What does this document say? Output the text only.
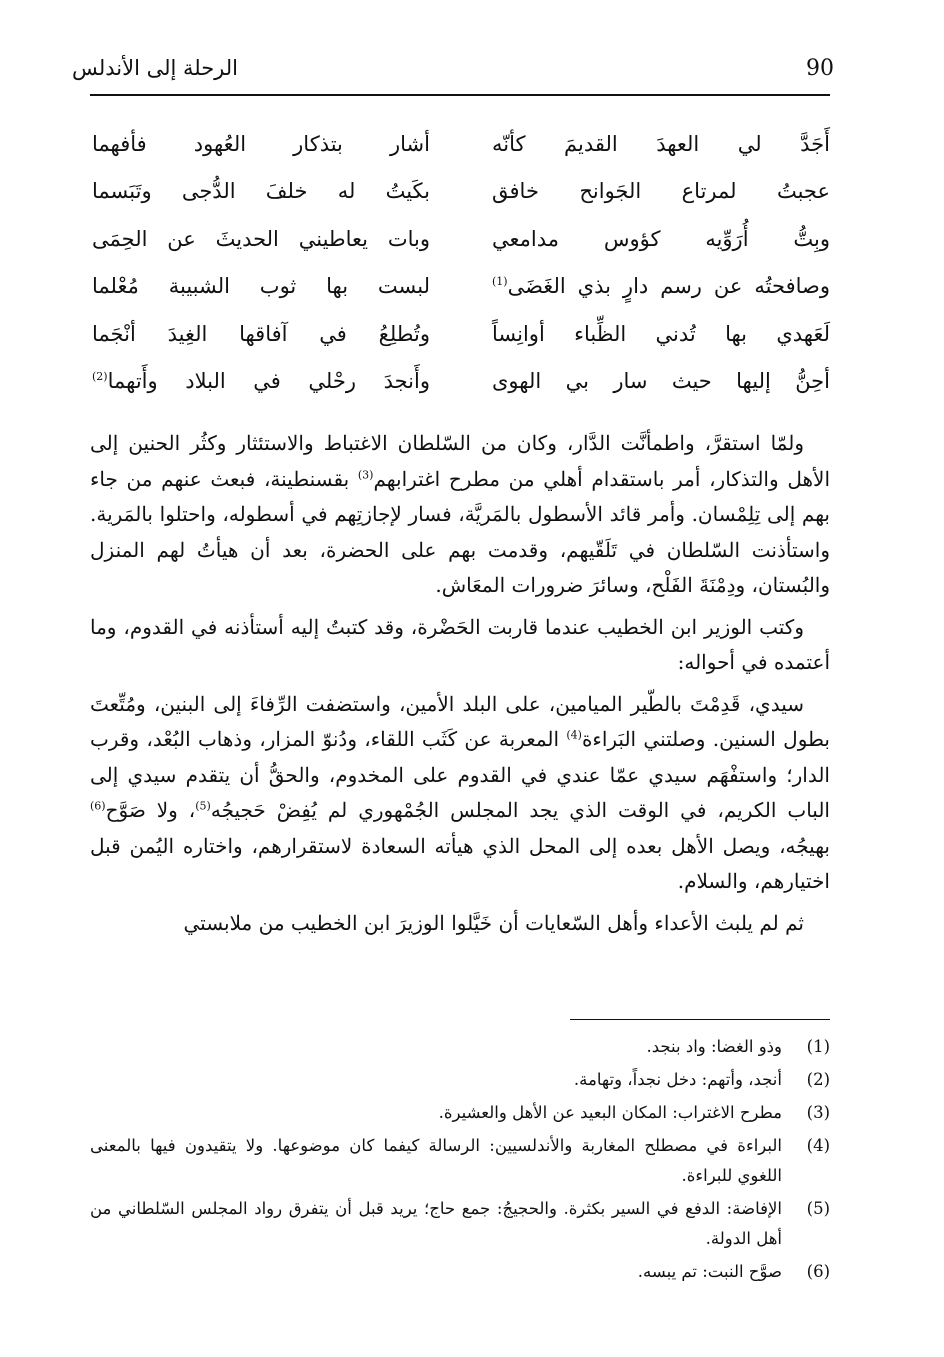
90
الرحلة إلى الأندلس
أَجَدَّ لي العهدَ القديمَ كأنّه
أشار بتذكار العُهود فأفهما
عجبتُ لمرتاع الجَوانح خافق
بكَيتُ له خلفَ الدُّجى وتَبَسما
وبِتُّ أُرَوِّيه كؤوس مدامعي
وبات يعاطيني الحديثَ عن الحِمَى
وصافحتُه عن رسم دارٍ بذي الغَضَى$^{(1)}$
لبست بها ثوب الشبيبة مُعْلما
لَعَهدي بها تُدني الظِّباء أوانِساً
وتُطلِعُ في آفاقها الغِيدَ أنْجَما
أحِنُّ إليها حيث سار بي الهوى
وأَنجدَ رحْلي في البلاد وأَتهما$^{(2)}$

ولمّا استقرَّ، واطمأنَّت الدَّار، وكان من السّلطان الاغتباط والاستئثار وكثُر الحنين إلى الأهل والتذكار، أمر باستقدام أهلي من مطرح اغترابهم$^{(3)}$ بقسنطينة، فبعث عنهم من جاء بهم إلى تِلِمْسان. وأمر قائد الأسطول بالمَريَّة، فسار لإجازتِهم في أسطوله، واحتلوا بالمَرية. واستأذنت السّلطان في تَلَقّيهم، وقدمت بهم على الحضرة، بعد أن هيأتُ لهم المنزل والبُستان، ودِمْنَةَ الفَلْح، وسائرَ ضرورات المعَاش.

وكتب الوزير ابن الخطيب عندما قاربت الحَضْرة، وقد كتبتُ إليه أستأذنه في القدوم، وما أعتمده في أحواله:

سيدي، قَدِمْتَ بالطّير الميامين، على البلد الأمين، واستضفت الرِّفاءَ إلى البنين، ومُتِّعتَ بطول السنين. وصلتني البَراءة$^{(4)}$ المعربة عن كَثَب اللقاء، ودُنوّ المزار، وذهاب البُعْد، وقرب الدار؛ واستفْهَم سيدي عمّا عندي في القدوم على المخدوم، والحقُّ أن يتقدم سيدي إلى الباب الكريم، في الوقت الذي يجد المجلس الجُمْهوري لم يُفِضْ حَجيجُه$^{(5)}$، ولا صَوَّح$^{(6)}$ بهيجُه، ويصل الأهل بعده إلى المحل الذي هيأته السعادة لاستقرارهم، واختاره اليُمن قبل اختيارهم، والسلام.

ثم لم يلبث الأعداء وأهل السّعايات أن خَيَّلوا الوزيرَ ابن الخطيب من ملابستي

(1)
وذو الغضا: واد بنجد.
(2)
أنجد، وأتهم: دخل نجداً، وتهامة.
(3)
مطرح الاغتراب: المكان البعيد عن الأهل والعشيرة.
(4)
البراءة في مصطلح المغاربة والأندلسيين: الرسالة كيفما كان موضوعها. ولا يتقيدون فيها بالمعنى اللغوي للبراءة.
(5)
الإفاضة: الدفع في السير بكثرة. والحجيجُ: جمع حاج؛ يريد قبل أن يتفرق رواد المجلس السّلطاني من أهل الدولة.
(6)
صوَّح النبت: تم يبسه.
